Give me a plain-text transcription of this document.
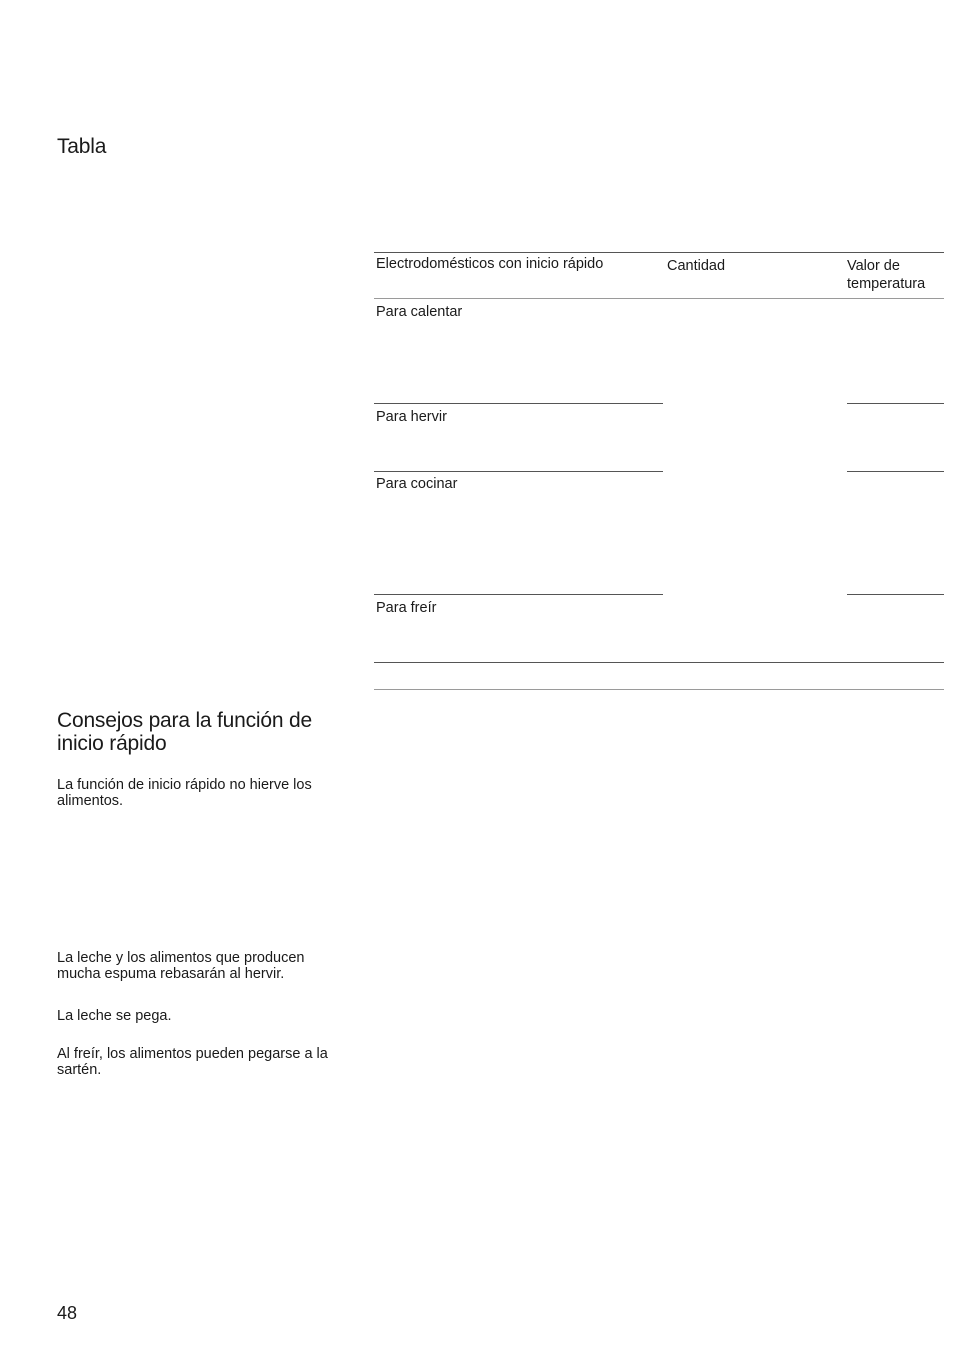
Tabla
Electrodomésticos con inicio rápido	Cantidad	Valor de temperatura
Para calentar
Para hervir
Para cocinar
Para freír
Consejos para la función de inicio rápido

La función de inicio rápido no hierve los alimentos.

La leche y los alimentos que producen mucha espuma rebasarán al hervir.

La leche se pega.

Al freír, los alimentos pueden pegarse a la sartén.

48
